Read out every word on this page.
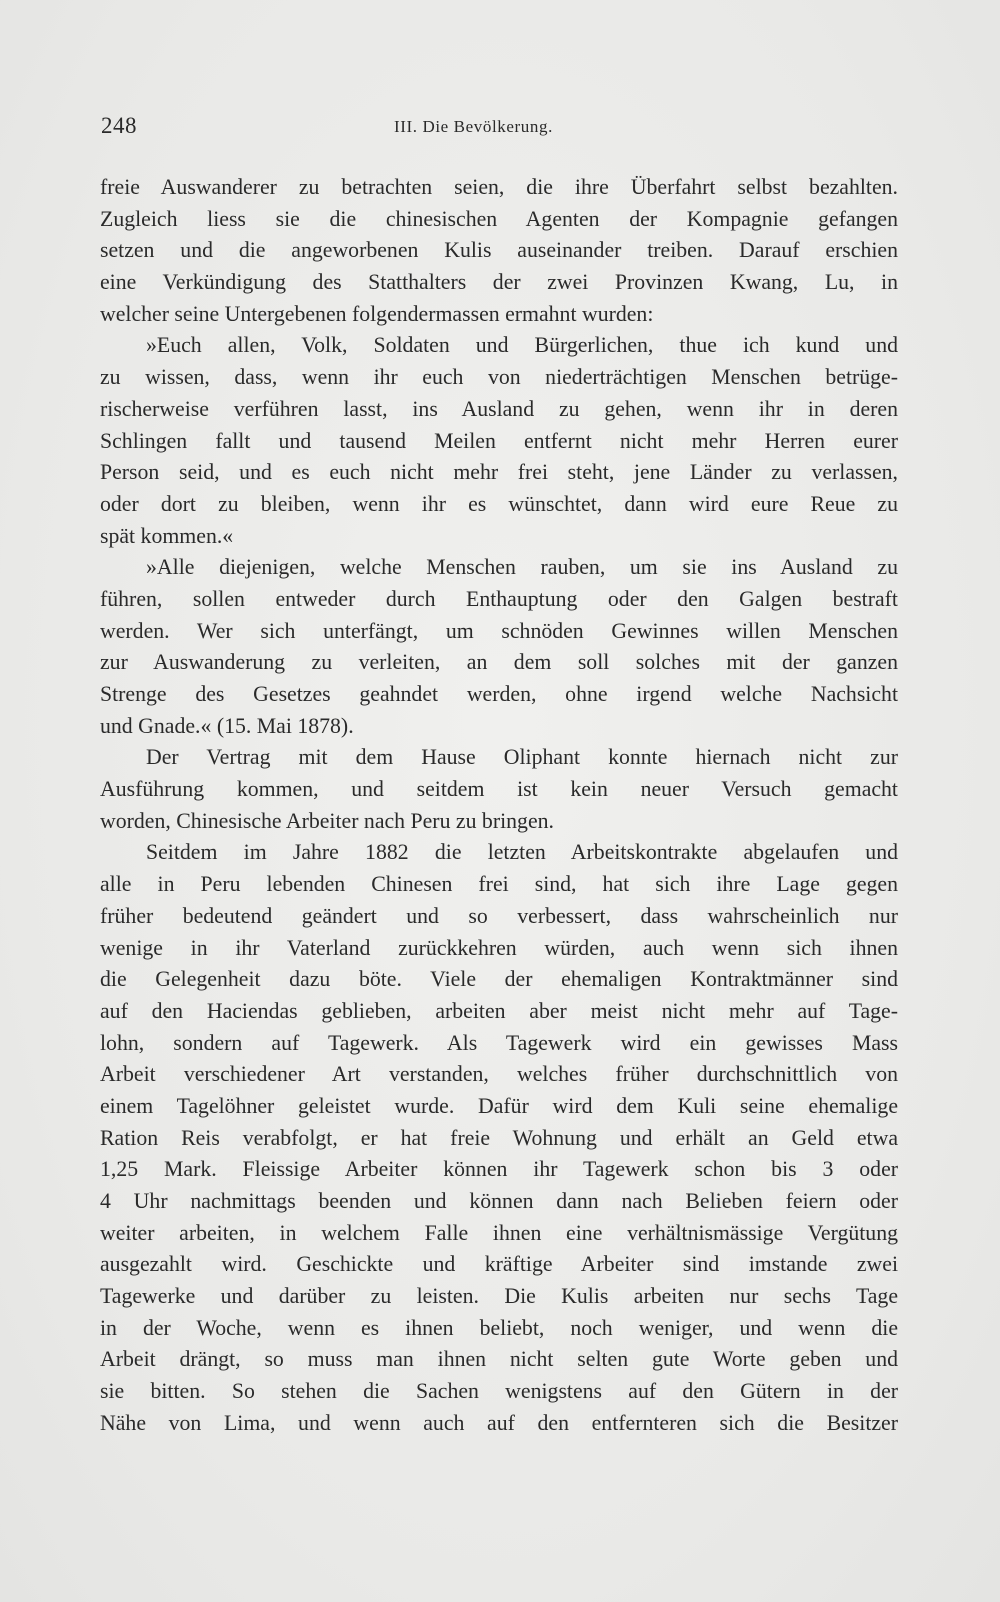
248	III. Die Bevölkerung.
freie Auswanderer zu betrachten seien, die ihre Überfahrt selbst bezahlten.
Zugleich liess sie die chinesischen Agenten der Kompagnie gefangen
setzen und die angeworbenen Kulis auseinander treiben. Darauf erschien
eine Verkündigung des Statthalters der zwei Provinzen Kwang, Lu, in
welcher seine Untergebenen folgendermassen ermahnt wurden:
»Euch allen, Volk, Soldaten und Bürgerlichen, thue ich kund und
zu wissen, dass, wenn ihr euch von niederträchtigen Menschen betrüge-
rischerweise verführen lasst, ins Ausland zu gehen, wenn ihr in deren
Schlingen fallt und tausend Meilen entfernt nicht mehr Herren eurer
Person seid, und es euch nicht mehr frei steht, jene Länder zu verlassen,
oder dort zu bleiben, wenn ihr es wünschtet, dann wird eure Reue zu
spät kommen.«
»Alle diejenigen, welche Menschen rauben, um sie ins Ausland zu
führen, sollen entweder durch Enthauptung oder den Galgen bestraft
werden. Wer sich unterfängt, um schnöden Gewinnes willen Menschen
zur Auswanderung zu verleiten, an dem soll solches mit der ganzen
Strenge des Gesetzes geahndet werden, ohne irgend welche Nachsicht
und Gnade.« (15. Mai 1878).
Der Vertrag mit dem Hause Oliphant konnte hiernach nicht zur
Ausführung kommen, und seitdem ist kein neuer Versuch gemacht
worden, Chinesische Arbeiter nach Peru zu bringen.
Seitdem im Jahre 1882 die letzten Arbeitskontrakte abgelaufen und
alle in Peru lebenden Chinesen frei sind, hat sich ihre Lage gegen
früher bedeutend geändert und so verbessert, dass wahrscheinlich nur
wenige in ihr Vaterland zurückkehren würden, auch wenn sich ihnen
die Gelegenheit dazu böte. Viele der ehemaligen Kontraktmänner sind
auf den Haciendas geblieben, arbeiten aber meist nicht mehr auf Tage-
lohn, sondern auf Tagewerk. Als Tagewerk wird ein gewisses Mass
Arbeit verschiedener Art verstanden, welches früher durchschnittlich von
einem Tagelöhner geleistet wurde. Dafür wird dem Kuli seine ehemalige
Ration Reis verabfolgt, er hat freie Wohnung und erhält an Geld etwa
1,25 Mark. Fleissige Arbeiter können ihr Tagewerk schon bis 3 oder
4 Uhr nachmittags beenden und können dann nach Belieben feiern oder
weiter arbeiten, in welchem Falle ihnen eine verhältnismässige Vergütung
ausgezahlt wird. Geschickte und kräftige Arbeiter sind imstande zwei
Tagewerke und darüber zu leisten. Die Kulis arbeiten nur sechs Tage
in der Woche, wenn es ihnen beliebt, noch weniger, und wenn die
Arbeit drängt, so muss man ihnen nicht selten gute Worte geben und
sie bitten. So stehen die Sachen wenigstens auf den Gütern in der
Nähe von Lima, und wenn auch auf den entfernteren sich die Besitzer
